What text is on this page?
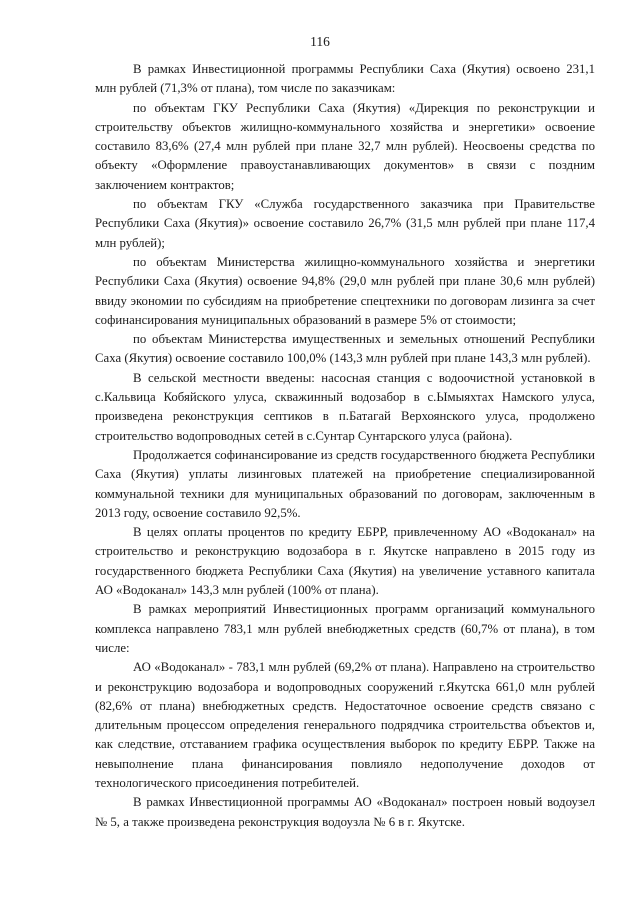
116

В рамках Инвестиционной программы Республики Саха (Якутия) освоено 231,1 млн рублей (71,3% от плана), том числе по заказчикам:

по объектам ГКУ Республики Саха (Якутия) «Дирекция по реконструкции и строительству объектов жилищно-коммунального хозяйства и энергетики» освоение составило 83,6% (27,4 млн рублей при плане 32,7 млн рублей). Неосвоены средства по объекту «Оформление правоустанавливающих документов» в связи с поздним заключением контрактов;

по объектам ГКУ «Служба государственного заказчика при Правительстве Республики Саха (Якутия)» освоение составило 26,7% (31,5 млн рублей при плане 117,4 млн рублей);

по объектам Министерства жилищно-коммунального хозяйства и энергетики Республики Саха (Якутия) освоение 94,8% (29,0 млн рублей при плане 30,6 млн рублей) ввиду экономии по субсидиям на приобретение спецтехники по договорам лизинга за счет софинансирования муниципальных образований в размере 5% от стоимости;

по объектам Министерства имущественных и земельных отношений Республики Саха (Якутия) освоение составило 100,0% (143,3 млн рублей при плане 143,3 млн рублей).

В сельской местности введены: насосная станция с водоочистной установкой в с.Кальвица Кобяйского улуса, скважинный водозабор в с.Ымыяхтах Намского улуса, произведена реконструкция септиков в п.Батагай Верхоянского улуса, продолжено строительство водопроводных сетей в с.Сунтар Сунтарского улуса (района).

Продолжается софинансирование из средств государственного бюджета Республики Саха (Якутия) уплаты лизинговых платежей на приобретение специализированной коммунальной техники для муниципальных образований по договорам, заключенным в 2013 году, освоение составило 92,5%.

В целях оплаты процентов по кредиту ЕБРР, привлеченному АО «Водоканал» на строительство и реконструкцию водозабора в г. Якутске направлено в 2015 году из государственного бюджета Республики Саха (Якутия) на увеличение уставного капитала АО «Водоканал» 143,3 млн рублей (100% от плана).

В рамках мероприятий Инвестиционных программ организаций коммунального комплекса направлено 783,1 млн рублей внебюджетных средств (60,7% от плана), в том числе:

АО «Водоканал» - 783,1 млн рублей (69,2% от плана). Направлено на строительство и реконструкцию водозабора и водопроводных сооружений г.Якутска 661,0 млн рублей (82,6% от плана) внебюджетных средств. Недостаточное освоение средств связано с длительным процессом определения генерального подрядчика строительства объектов и, как следствие, отставанием графика осуществления выборок по кредиту ЕБРР. Также на невыполнение плана финансирования повлияло недополучение доходов от технологического присоединения потребителей.

В рамках Инвестиционной программы АО «Водоканал» построен новый водоузел № 5, а также произведена реконструкция водоузла № 6 в г. Якутске.
